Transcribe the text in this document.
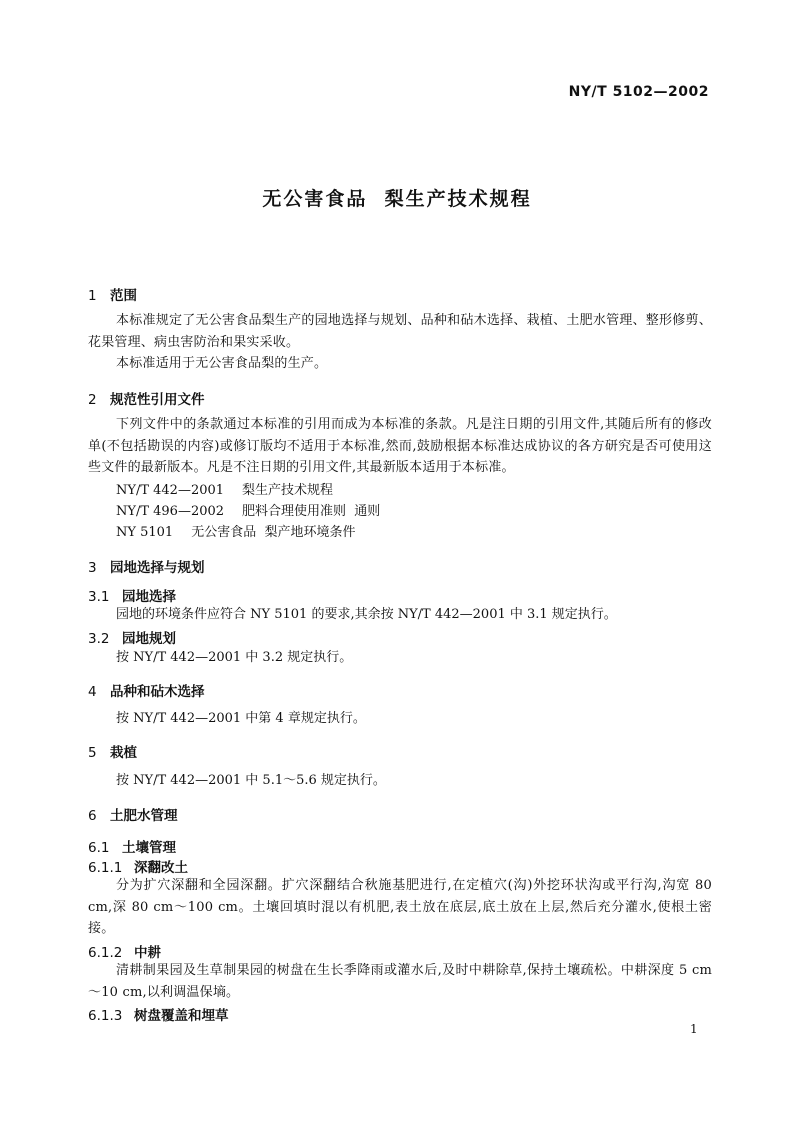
NY/T 5102—2002
无公害食品  梨生产技术规程
1 范围
本标准规定了无公害食品梨生产的园地选择与规划、品种和砧木选择、栽植、土肥水管理、整形修剪、花果管理、病虫害防治和果实采收。
本标准适用于无公害食品梨的生产。
2 规范性引用文件
下列文件中的条款通过本标准的引用而成为本标准的条款。凡是注日期的引用文件,其随后所有的修改单(不包括勘误的内容)或修订版均不适用于本标准,然而,鼓励根据本标准达成协议的各方研究是否可使用这些文件的最新版本。凡是不注日期的引用文件,其最新版本适用于本标准。
NY/T 442—2001 梨生产技术规程
NY/T 496—2002 肥料合理使用准则  通则
NY 5101 无公害食品  梨产地环境条件
3 园地选择与规划
3.1 园地选择
园地的环境条件应符合 NY 5101 的要求,其余按 NY/T 442—2001 中 3.1 规定执行。
3.2 园地规划
按 NY/T 442—2001 中 3.2 规定执行。
4 品种和砧木选择
按 NY/T 442—2001 中第 4 章规定执行。
5 栽植
按 NY/T 442—2001 中 5.1～5.6 规定执行。
6 土肥水管理
6.1 土壤管理
6.1.1 深翻改土
分为扩穴深翻和全园深翻。扩穴深翻结合秋施基肥进行,在定植穴(沟)外挖环状沟或平行沟,沟宽 80 cm,深 80 cm～100 cm。土壤回填时混以有机肥,表土放在底层,底土放在上层,然后充分灌水,使根土密接。
6.1.2 中耕
清耕制果园及生草制果园的树盘在生长季降雨或灌水后,及时中耕除草,保持土壤疏松。中耕深度 5 cm～10 cm,以利调温保墒。
6.1.3 树盘覆盖和埋草
1
